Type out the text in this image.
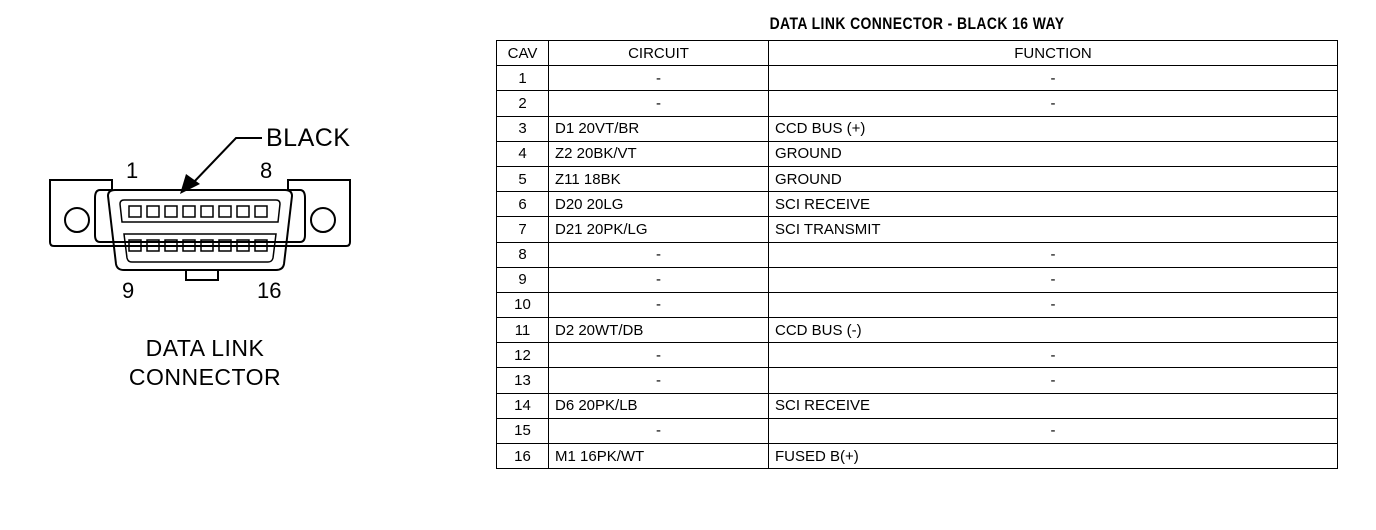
BLACK
1	8
9	16
DATA LINK
CONNECTOR
DATA LINK CONNECTOR - BLACK 16 WAY
CAV	CIRCUIT	FUNCTION
1	-	-
2	-	-
3	D1 20VT/BR	CCD BUS (+)
4	Z2 20BK/VT	GROUND
5	Z11 18BK	GROUND
6	D20 20LG	SCI RECEIVE
7	D21 20PK/LG	SCI TRANSMIT
8	-	-
9	-	-
10	-	-
11	D2 20WT/DB	CCD BUS (-)
12	-	-
13	-	-
14	D6 20PK/LB	SCI RECEIVE
15	-	-
16	M1 16PK/WT	FUSED B(+)
